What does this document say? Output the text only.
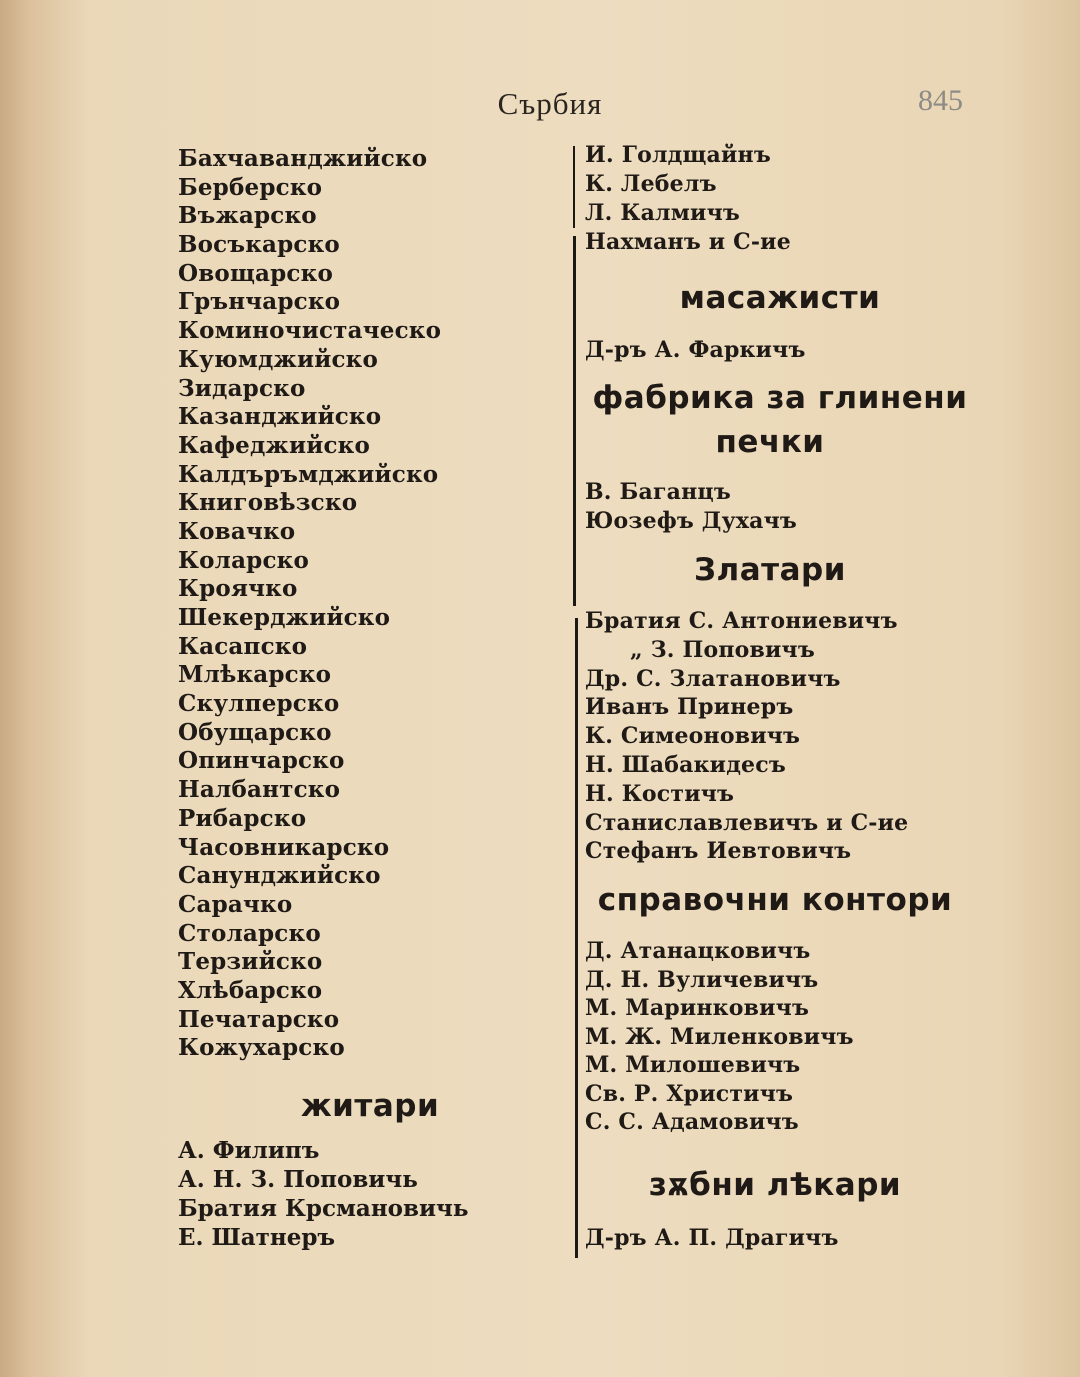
Сърбия	845
Бахчаванджийско
Берберско
Въжарско
Восъкарско
Овощарско
Грънчарско
Коминочистаческо
Куюмджийско
Зидарско
Казанджийско
Кафеджийско
Калдъръмджийско
Книговѣзско
Ковачко
Коларско
Кроячко
Шекерджийско
Касапско
Млѣкарско
Скулперско
Обущарско
Опинчарско
Налбантско
Рибарско
Часовникарско
Санунджийско
Сарачко
Столарско
Терзийско
Хлѣбарско
Печатарско
Кожухарско
житари
А. Филипъ
А. Н. З. Поповичь
Братия Крсмановичь
Е. Шатнеръ
И. Голдщайнъ
К. Лебелъ
Л. Калмичъ
Нахманъ и С-ие
масажисти
Д-ръ А. Фаркичъ
фабрика за глинени
печки
В. Баганцъ
Юозефъ Духачъ
Златари
Братия С. Антониевичъ
„ З. Поповичъ
Др. С. Златановичъ
Иванъ Принеръ
К. Симеоновичъ
Н. Шабакидесъ
Н. Костичъ
Станиславлевичъ и С-ие
Стефанъ Иевтовичъ
справочни контори
Д. Атанацковичъ
Д. Н. Вуличевичъ
М. Маринковичъ
М. Ж. Миленковичъ
М. Милошевичъ
Св. Р. Христичъ
С. С. Адамовичъ
зѫбни лѣкари
Д-ръ А. П. Драгичъ
